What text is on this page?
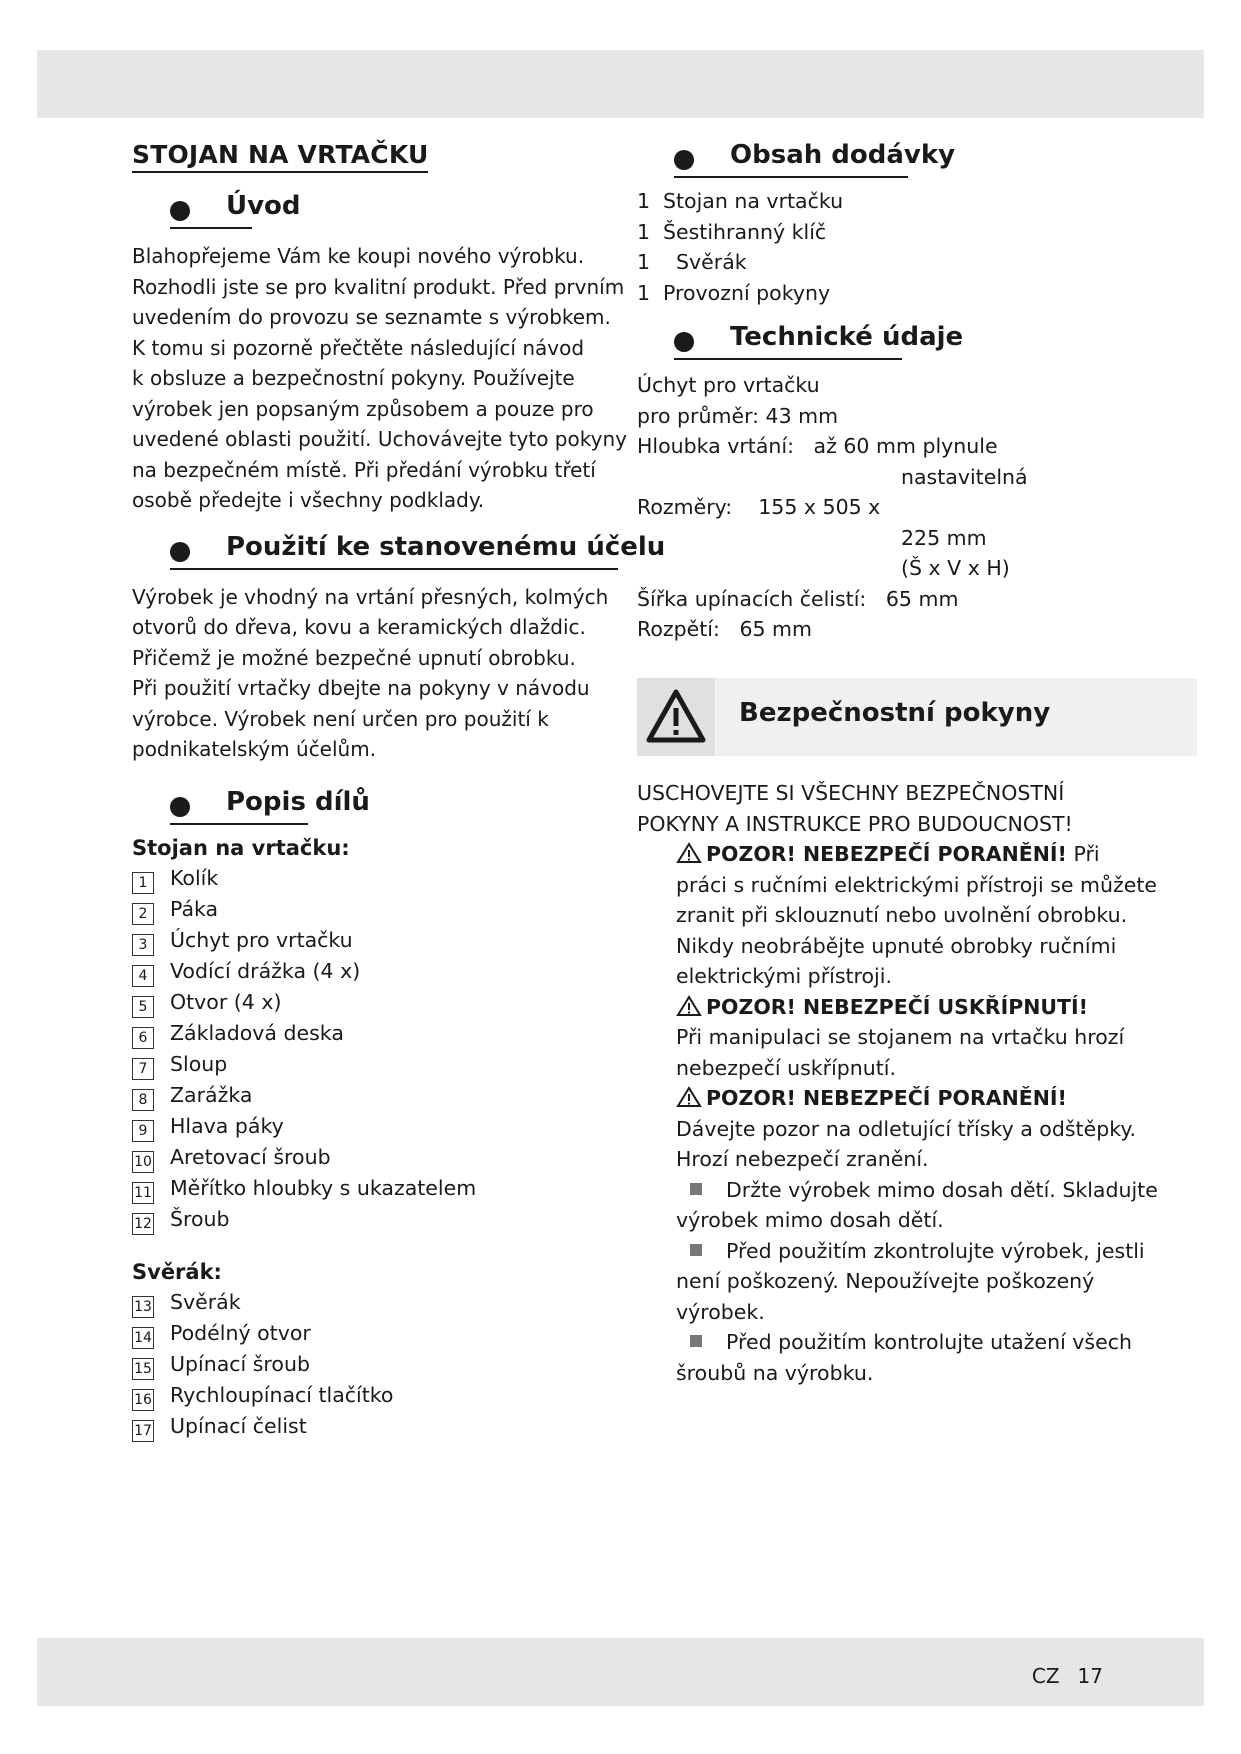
STOJAN NA VRTAČKU
Úvod

Blahopřejeme Vám ke koupi nového výrobku.

Rozhodli jste se pro kvalitní produkt. Před prvním

uvedením do provozu se seznamte s výrobkem.

K tomu si pozorně přečtěte následující návod

k obsluze a bezpečnostní pokyny. Používejte

výrobek jen popsaným způsobem a pouze pro

uvedené oblasti použití. Uchovávejte tyto pokyny

na bezpečném místě. Při předání výrobku třetí

osobě předejte i všechny podklady.

Použití ke stanovenému účelu

Výrobek je vhodný na vrtání přesných, kolmých

otvorů do dřeva, kovu a keramických dlaždic.

Přičemž je možné bezpečné upnutí obrobku.

Při použití vrtačky dbejte na pokyny v návodu

výrobce. Výrobek není určen pro použití k

podnikatelským účelům.

Popis dílů
Stojan na vrtačku:
1 Kolík
2 Páka
3 Úchyt pro vrtačku
4 Vodící drážka (4 x)
5 Otvor (4 x)
6 Základová deska
7 Sloup
8 Zarážka
9 Hlava páky
10 Aretovací šroub
11 Měřítko hloubky s ukazatelem
12 Šroub
Svěrák:
13 Svěrák
14 Podélný otvor
15 Upínací šroub
16 Rychloupínací tlačítko
17 Upínací čelist
Obsah dodávky
1 Stojan na vrtačku
1 Šestihranný klíč
1  Svěrák
1 Provozní pokyny
Technické údaje
Úchyt pro vrtačku
pro průměr: 43 mm
Hloubka vrtání:   až 60 mm plynule
nastavitelná
Rozměry:    155 x 505 x
225 mm
(Š x V x H)
Šířka upínacích čelistí:   65 mm
Rozpětí:   65 mm
Bezpečnostní pokyny
USCHOVEJTE SI VŠECHNY BEZPEČNOSTNÍ
POKYNY A INSTRUKCE PRO BUDOUCNOST!
POZOR! NEBEZPEČÍ PORANĚNÍ! Při
práci s ručními elektrickými přístroji se můžete
zranit při sklouznutí nebo uvolnění obrobku.
Nikdy neobrábějte upnuté obrobky ručními
elektrickými přístroji.
POZOR! NEBEZPEČÍ USKŘÍPNUTÍ!
Při manipulaci se stojanem na vrtačku hrozí
nebezpečí uskřípnutí.
POZOR! NEBEZPEČÍ PORANĚNÍ!
Dávejte pozor na odletující třísky a odštěpky.
Hrozí nebezpečí zranění.
Držte výrobek mimo dosah dětí. Skladujte
výrobek mimo dosah dětí.
Před použitím zkontrolujte výrobek, jestli
není poškozený. Nepoužívejte poškozený
výrobek.
Před použitím kontrolujte utažení všech
šroubů na výrobku.
CZ 17
